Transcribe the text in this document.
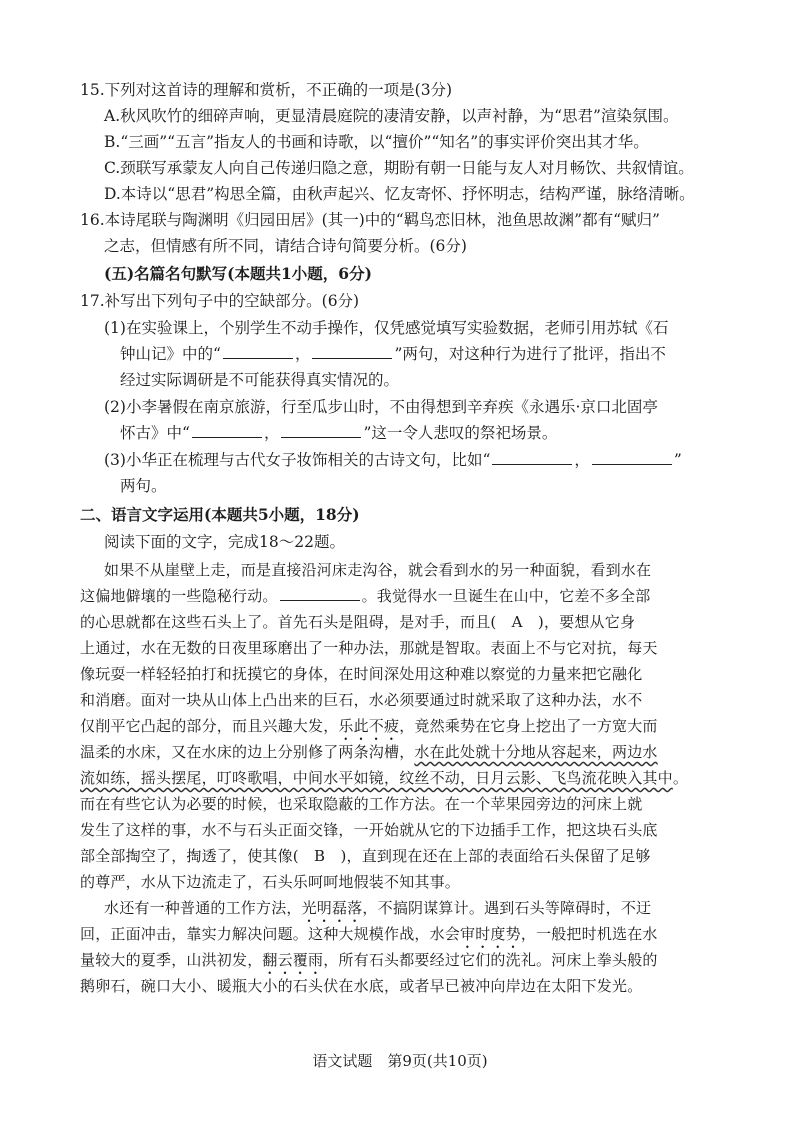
15.下列对这首诗的理解和赏析，不正确的一项是(3分)
A.秋风吹竹的细碎声响，更显清晨庭院的凄清安静，以声衬静，为“思君”渲染氛围。
B.“三画”“五言”指友人的书画和诗歌，以“擅价”“知名”的事实评价突出其才华。
C.颈联写承蒙友人向自己传递归隐之意，期盼有朝一日能与友人对月畅饮、共叙情谊。
D.本诗以“思君”构思全篇，由秋声起兴、忆友寄怀、抒怀明志，结构严谨，脉络清晰。
16.本诗尾联与陶渊明《归园田居》(其一)中的“羁鸟恋旧林，池鱼思故渊”都有“赋归”
之志，但情感有所不同，请结合诗句简要分析。(6分)
(五)名篇名句默写(本题共1小题，6分)
17.补写出下列句子中的空缺部分。(6分)
(1)在实验课上，个别学生不动手操作，仅凭感觉填写实验数据，老师引用苏轼《石
钟山记》中的“	，	”两句，对这种行为进行了批评，指出不
经过实际调研是不可能获得真实情况的。
(2)小李暑假在南京旅游，行至瓜步山时，不由得想到辛弃疾《永遇乐·京口北固亭
怀古》中“	，	”这一令人悲叹的祭祀场景。
(3)小华正在梳理与古代女子妆饰相关的古诗文句，比如“	，	”
两句。
二、语言文字运用(本题共5小题，18分)
阅读下面的文字，完成18～22题。
如果不从崖壁上走，而是直接沿河床走沟谷，就会看到水的另一种面貌，看到水在
这偏地僻壤的一些隐秘行动。	。我觉得水一旦诞生在山中，它差不多全部
的心思就都在这些石头上了。首先石头是阻碍，是对手，而且(　A　)，要想从它身
上通过，水在无数的日夜里琢磨出了一种办法，那就是智取。表面上不与它对抗，每天
像玩耍一样轻轻拍打和抚摸它的身体，在时间深处用这种难以察觉的力量来把它融化
和消磨。面对一块从山体上凸出来的巨石，水必须要通过时就采取了这种办法，水不
仅削平它凸起的部分，而且兴趣大发，乐此不疲，竟然乘势在它身上挖出了一方宽大而
温柔的水床，又在水床的边上分别修了两条沟槽，水在此处就十分地从容起来，两边水
流如练，摇头摆尾，叮咚歌唱，中间水平如镜，纹丝不动，日月云影、飞鸟流花映入其中。
而在有些它认为必要的时候，也采取隐蔽的工作方法。在一个苹果园旁边的河床上就
发生了这样的事，水不与石头正面交锋，一开始就从它的下边插手工作，把这块石头底
部全部掏空了，掏透了，使其像(　B　)，直到现在还在上部的表面给石头保留了足够
的尊严，水从下边流走了，石头乐呵呵地假装不知其事。
水还有一种普通的工作方法，光明磊落，不搞阴谋算计。遇到石头等障碍时，不迂
回，正面冲击，靠实力解决问题。这种大规模作战，水会审时度势，一般把时机选在水
量较大的夏季，山洪初发，翻云覆雨，所有石头都要经过它们的洗礼。河床上拳头般的
鹅卵石，碗口大小、暖瓶大小的石头伏在水底，或者早已被冲向岸边在太阳下发光。
语文试题　第9页(共10页)
